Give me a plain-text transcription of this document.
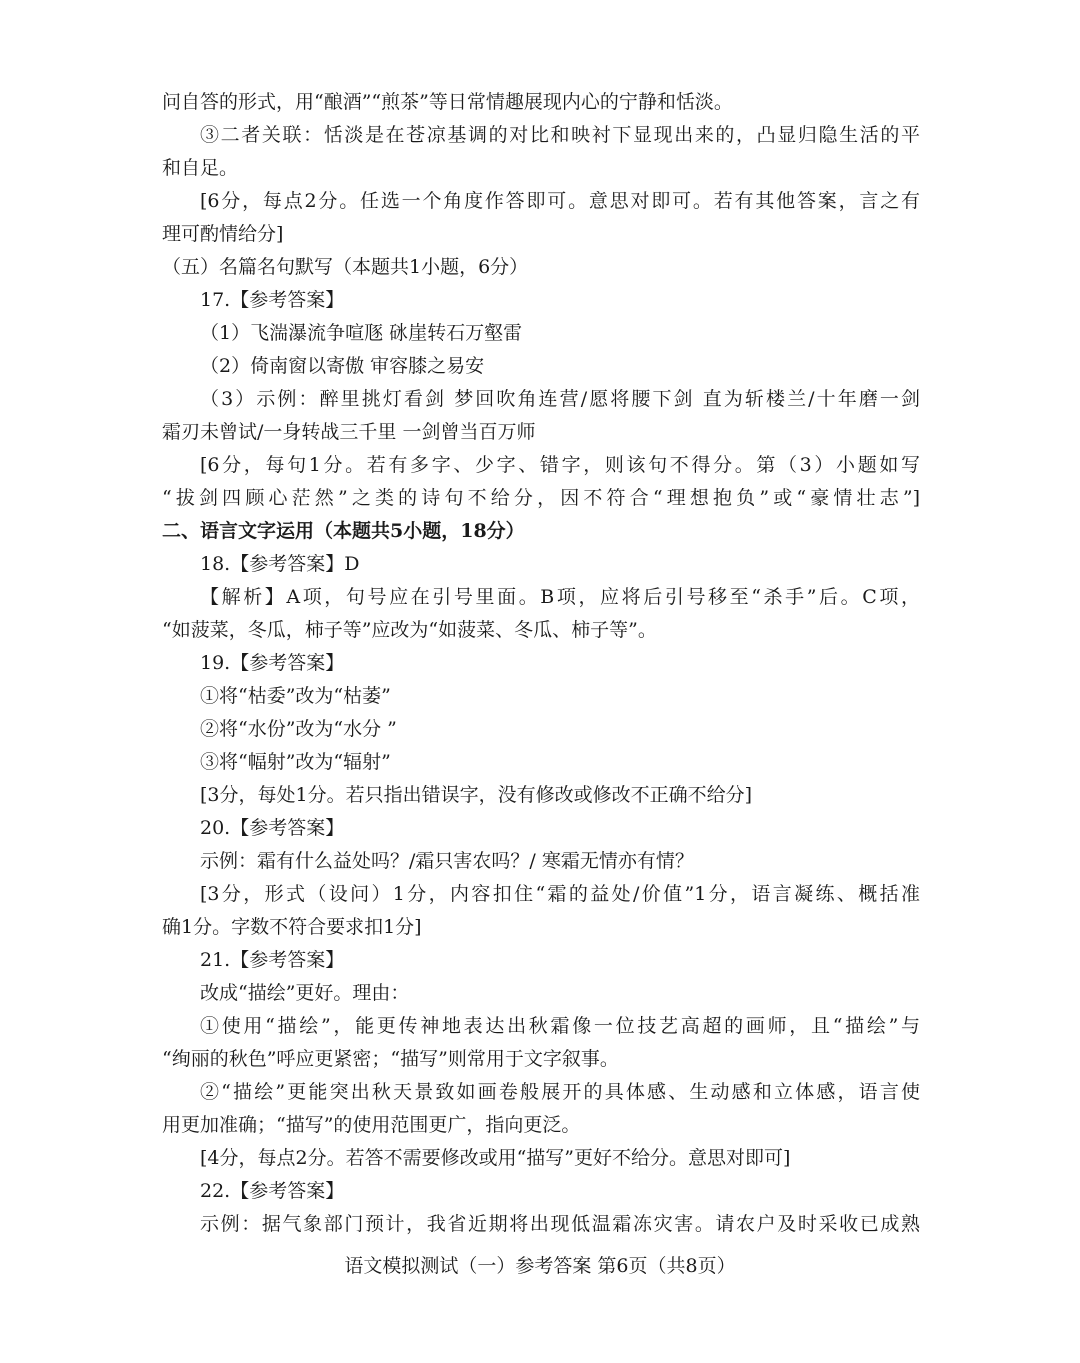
问自答的形式，用“酿酒”“煎茶”等日常情趣展现内心的宁静和恬淡。
③二者关联：恬淡是在苍凉基调的对比和映衬下显现出来的，凸显归隐生活的平
和自足。
[6分，每点2分。任选一个角度作答即可。意思对即可。若有其他答案，言之有
理可酌情给分]
（五）名篇名句默写（本题共1小题，6分）
17.【参考答案】
（1）飞湍瀑流争喧豗 砯崖转石万壑雷
（2）倚南窗以寄傲 审容膝之易安
（3）示例：醉里挑灯看剑 梦回吹角连营/愿将腰下剑 直为斩楼兰/十年磨一剑
霜刃未曾试/一身转战三千里 一剑曾当百万师
[6分，每句1分。若有多字、少字、错字，则该句不得分。第（3）小题如写
“拔剑四顾心茫然”之类的诗句不给分，因不符合“理想抱负”或“豪情壮志”]
二、语言文字运用（本题共5小题，18分）
18.【参考答案】D
【解析】A项，句号应在引号里面。B项，应将后引号移至“杀手”后。C项，
“如菠菜，冬瓜，柿子等”应改为“如菠菜、冬瓜、柿子等”。
19.【参考答案】
①将“枯委”改为“枯萎”
②将“水份”改为“水分 ”
③将“幅射”改为“辐射”
[3分，每处1分。若只指出错误字，没有修改或修改不正确不给分]
20.【参考答案】
示例：霜有什么益处吗？/霜只害农吗？/ 寒霜无情亦有情？
[3分，形式（设问）1分，内容扣住“霜的益处/价值”1分，语言凝练、概括准
确1分。字数不符合要求扣1分]
21.【参考答案】
改成“描绘”更好。理由：
①使用“描绘”，能更传神地表达出秋霜像一位技艺高超的画师，且“描绘”与
“绚丽的秋色”呼应更紧密；“描写”则常用于文字叙事。
②“描绘”更能突出秋天景致如画卷般展开的具体感、生动感和立体感，语言使
用更加准确；“描写”的使用范围更广，指向更泛。
[4分，每点2分。若答不需要修改或用“描写”更好不给分。意思对即可]
22.【参考答案】
示例：据气象部门预计，我省近期将出现低温霜冻灾害。请农户及时采收已成熟
语文模拟测试（一）参考答案 第6页（共8页）
